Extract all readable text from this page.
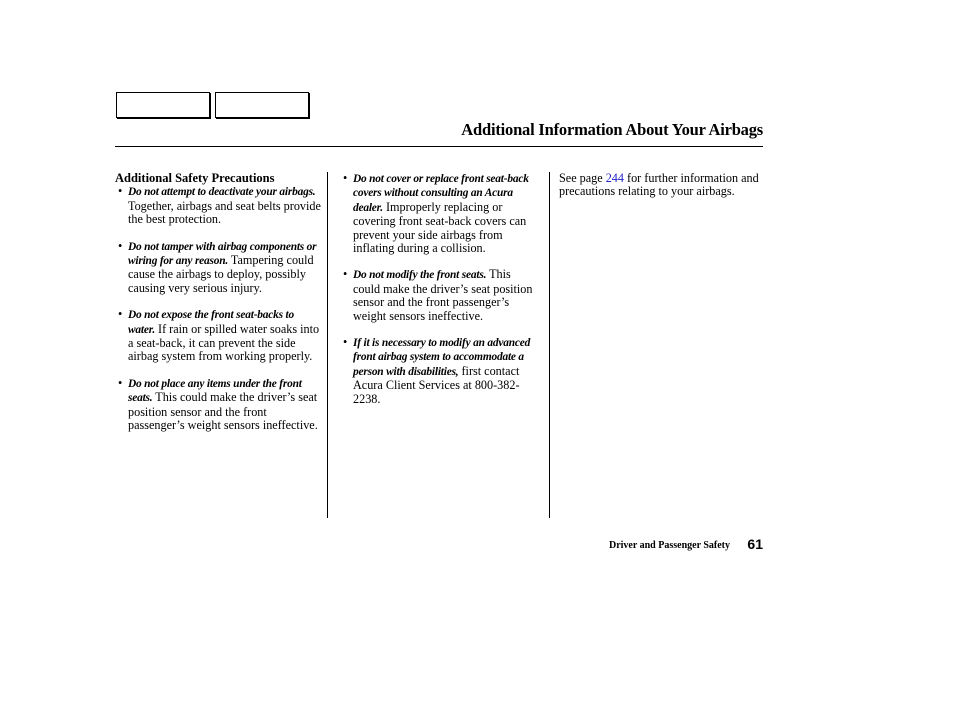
Additional Information About Your Airbags
Additional Safety Precautions
• Do not attempt to deactivate your airbags. Together, airbags and seat belts provide the best protection.
• Do not tamper with airbag components or wiring for any reason. Tampering could cause the airbags to deploy, possibly causing very serious injury.
• Do not expose the front seat-backs to water. If rain or spilled water soaks into a seat-back, it can prevent the side airbag system from working properly.
• Do not place any items under the front seats. This could make the driver’s seat position sensor and the front passenger’s weight sensors ineffective.
• Do not cover or replace front seat-back covers without consulting an Acura dealer. Improperly replacing or covering front seat-back covers can prevent your side airbags from inflating during a collision.
• Do not modify the front seats. This could make the driver’s seat position sensor and the front passenger’s weight sensors ineffective.
• If it is necessary to modify an advanced front airbag system to accommodate a person with disabilities, first contact Acura Client Services at 800-382-2238.
See page 244 for further information and precautions relating to your airbags.
Driver and Passenger Safety 61
